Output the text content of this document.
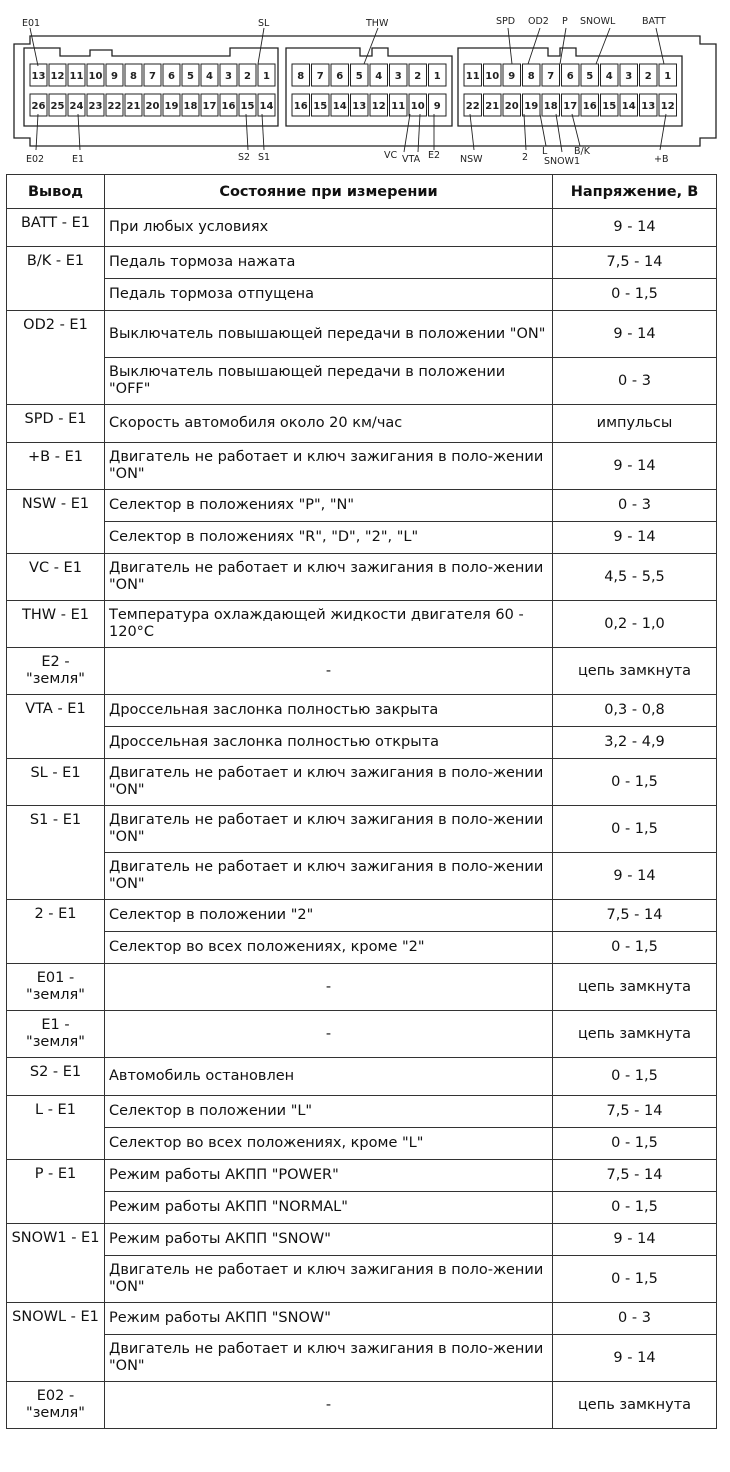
13 12 11 10 9 8 7 6 5 4 3 2 1
26 25 24 23 22 21 20 19 18 17 16 15 14
8 7 6 5 4 3 2 1
16 15 14 13 12 11 10 9
11 10 9 8 7 6 5 4 3 2 1
22 21 20 19 18 17 16 15 14 13 12
E01	SL	THW	SPD OD2 P SNOWL	BATT
E02	E1	S2 S1	VC VTA E2 NSW	2
L
SNOW1
B/K
+B
Вывод	Состояние при измерении	Напряжение, В
BATT - E1	При любых условиях	9 - 14
B/K - E1	Педаль тормоза нажата	7,5 - 14
	Педаль тормоза отпущена	0 - 1,5
OD2 - E1	Выключатель повышающей передачи в положении "ON"	9 - 14
	Выключатель повышающей передачи в положении "OFF"	0 - 3
SPD - E1	Скорость автомобиля около 20 км/час	импульсы
+B - E1	Двигатель не работает и ключ зажигания в поло-жении "ON"	9 - 14
NSW - E1	Селектор в положениях "P", "N"	0 - 3
	Селектор в положениях "R", "D", "2", "L"	9 - 14
VC - E1	Двигатель не работает и ключ зажигания в поло-жении "ON"	4,5 - 5,5
THW - E1	Температура охлаждающей жидкости двигателя 60 - 120°C	0,2 - 1,0
E2 - "земля"	-	цепь замкнута
VTA - E1	Дроссельная заслонка полностью закрыта	0,3 - 0,8
	Дроссельная заслонка полностью открыта	3,2 - 4,9
SL - E1	Двигатель не работает и ключ зажигания в поло-жении "ON"	0 - 1,5
S1 - E1	Двигатель не работает и ключ зажигания в поло-жении "ON"	0 - 1,5
	Двигатель не работает и ключ зажигания в поло-жении "ON"	9 - 14
2 - E1	Селектор в положении "2"	7,5 - 14
	Селектор во всех положениях, кроме "2"	0 - 1,5
E01 - "земля"	-	цепь замкнута
E1 - "земля"	-	цепь замкнута
S2 - E1	Автомобиль остановлен	0 - 1,5
L - E1	Селектор в положении "L"	7,5 - 14
	Селектор во всех положениях, кроме "L"	0 - 1,5
P - E1	Режим работы АКПП "POWER"	7,5 - 14
	Режим работы АКПП "NORMAL"	0 - 1,5
SNOW1 - E1	Режим работы АКПП "SNOW"	9 - 14
	Двигатель не работает и ключ зажигания в поло-жении "ON"	0 - 1,5
SNOWL - E1	Режим работы АКПП "SNOW"	0 - 3
	Двигатель не работает и ключ зажигания в поло-жении "ON"	9 - 14
E02 - "земля"	-	цепь замкнута
